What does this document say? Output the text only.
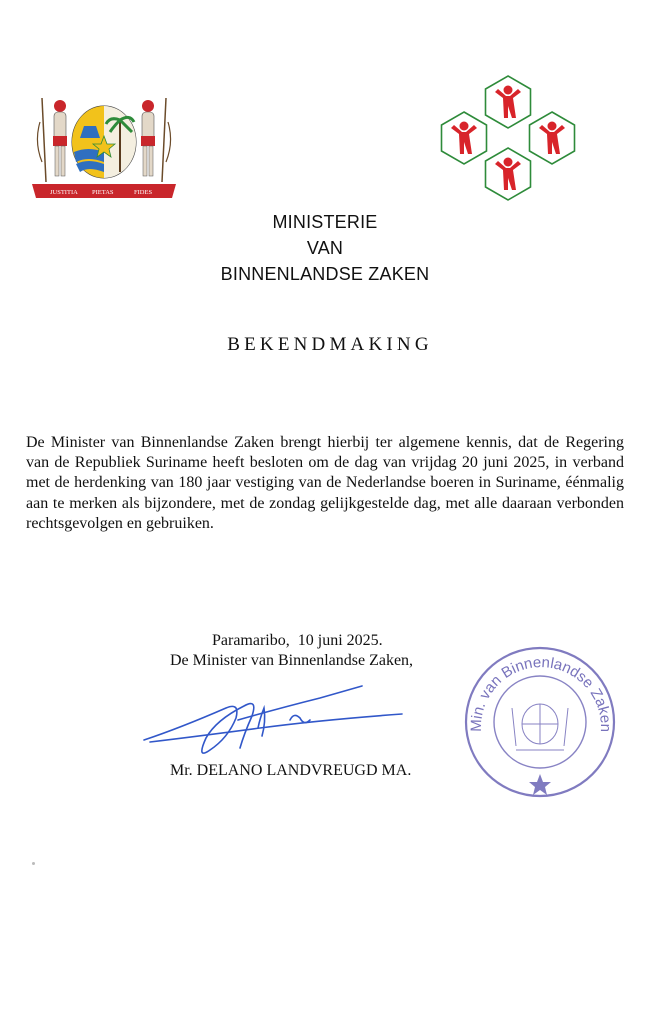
JUSTITIA PIETAS	FIDES
MINISTERIE
VAN
BINNENLANDSE ZAKEN
BEKENDMAKING
De Minister van Binnenlandse Zaken brengt hierbij ter algemene kennis, dat de Regering van de Republiek Suriname heeft besloten om de dag van vrijdag 20 juni 2025, in verband met de herdenking van 180 jaar vestiging van de Nederlandse boeren in Suriname, éénmalig aan te merken als bijzondere, met de zondag gelijkgestelde dag, met alle daaraan verbonden rechtsgevolgen en gebruiken.
Paramaribo,  10 juni 2025.
De Minister van Binnenlandse Zaken,
Mr. DELANO LANDVREUGD MA.
Min. van Binnenlandse Zaken
